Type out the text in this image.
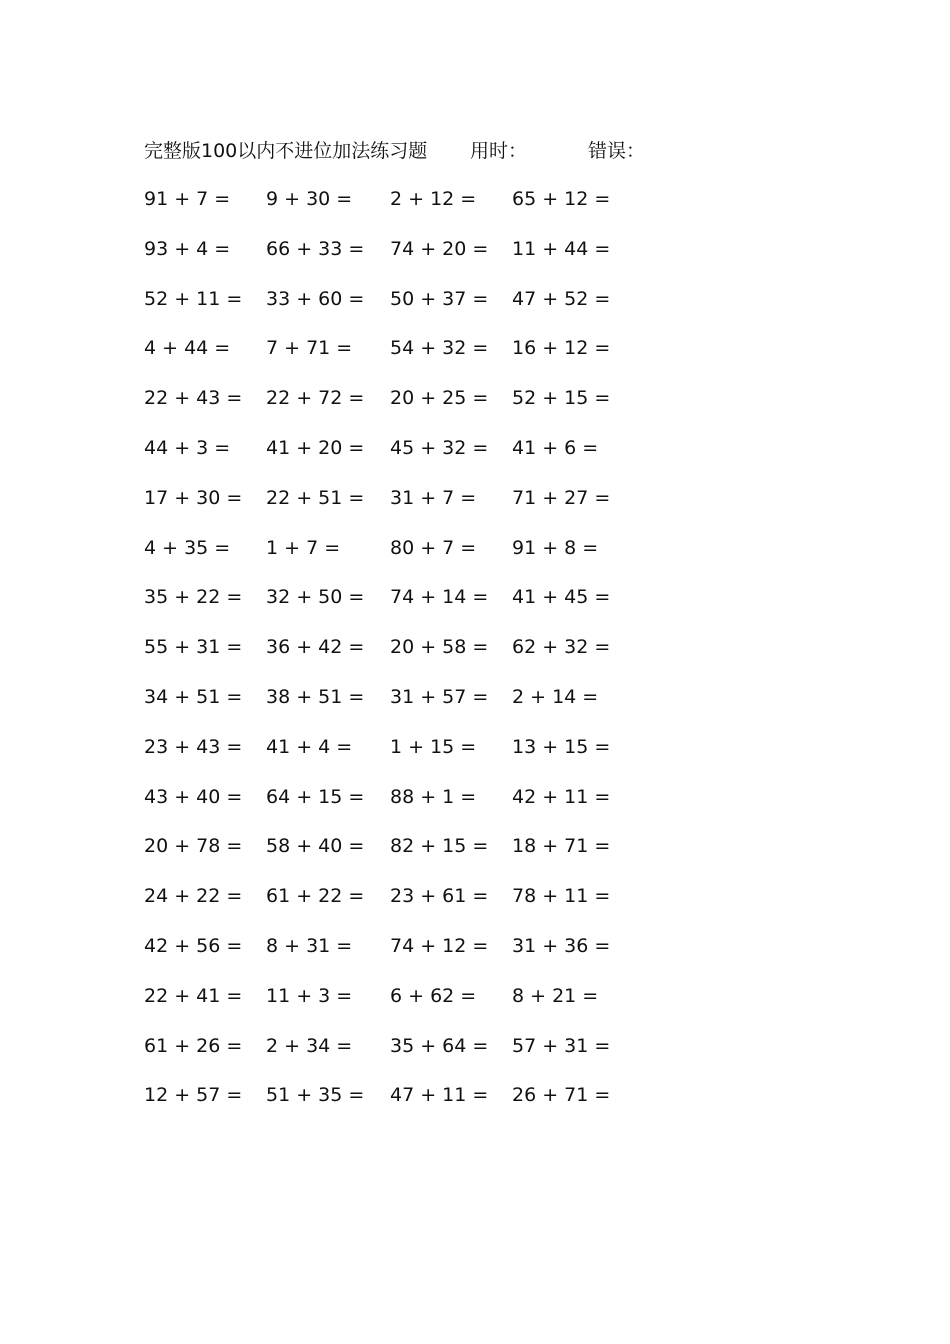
完整版100以内不进位加法练习题 用时：	错误：
91 + 7 = 9 + 30 = 2 + 12 = 65 + 12 =
93 + 4 = 66 + 33 = 74 + 20 = 11 + 44 =
52 + 11 = 33 + 60 = 50 + 37 = 47 + 52 =
4 + 44 = 7 + 71 = 54 + 32 = 16 + 12 =
22 + 43 = 22 + 72 = 20 + 25 = 52 + 15 =
44 + 3 = 41 + 20 = 45 + 32 = 41 + 6 =
17 + 30 = 22 + 51 = 31 + 7 = 71 + 27 =
4 + 35 = 1 + 7 =	80 + 7 = 91 + 8 =
35 + 22 = 32 + 50 = 74 + 14 = 41 + 45 =
55 + 31 = 36 + 42 = 20 + 58 = 62 + 32 =
34 + 51 = 38 + 51 = 31 + 57 = 2 + 14 =
23 + 43 = 41 + 4 = 1 + 15 = 13 + 15 =
43 + 40 = 64 + 15 = 88 + 1 = 42 + 11 =
20 + 78 = 58 + 40 = 82 + 15 = 18 + 71 =
24 + 22 = 61 + 22 = 23 + 61 = 78 + 11 =
42 + 56 = 8 + 31 = 74 + 12 = 31 + 36 =
22 + 41 = 11 + 3 = 6 + 62 = 8 + 21 =
61 + 26 = 2 + 34 = 35 + 64 = 57 + 31 =
12 + 57 = 51 + 35 = 47 + 11 = 26 + 71 =
